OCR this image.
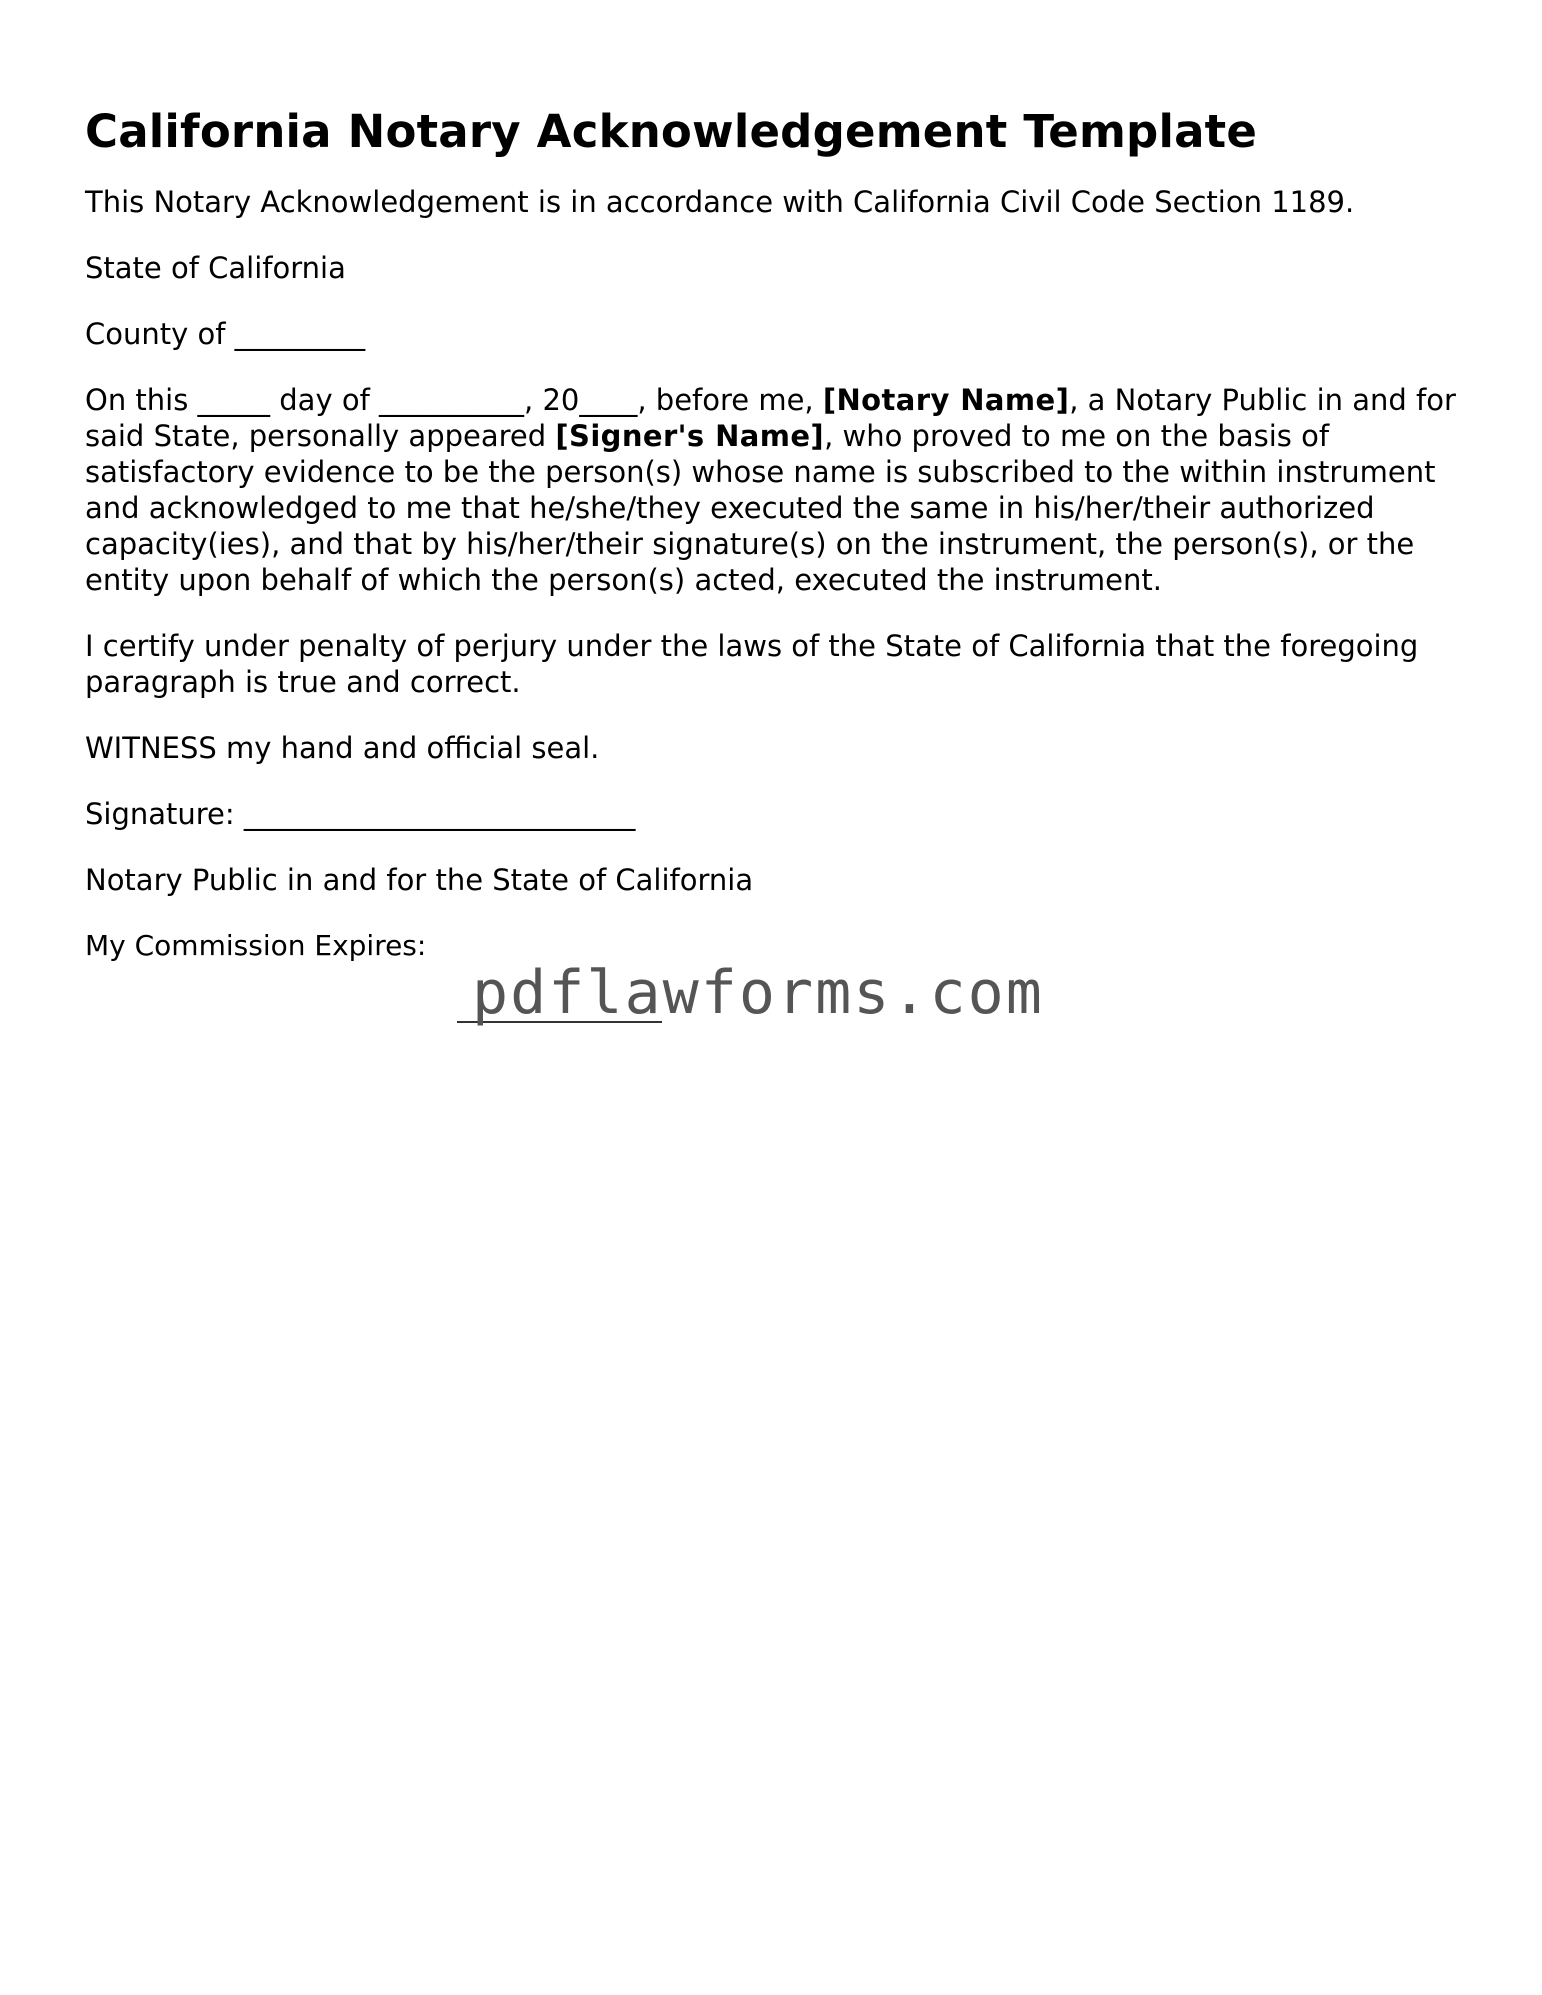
California Notary Acknowledgement Template

This Notary Acknowledgement is in accordance with California Civil Code Section 1189.

State of California

County of _________

On this _____ day of __________, 20____, before me, [Notary Name], a Notary Public in and for said State, personally appeared [Signer's Name], who proved to me on the basis of satisfactory evidence to be the person(s) whose name is subscribed to the within instrument and acknowledged to me that he/she/they executed the same in his/her/their authorized capacity(ies), and that by his/her/their signature(s) on the instrument, the person(s), or the entity upon behalf of which the person(s) acted, executed the instrument.

I certify under penalty of perjury under the laws of the State of California that the foregoing paragraph is true and correct.

WITNESS my hand and official seal.

Signature: ___________________________

Notary Public in and for the State of California

My Commission Expires:

pdflawforms.com
